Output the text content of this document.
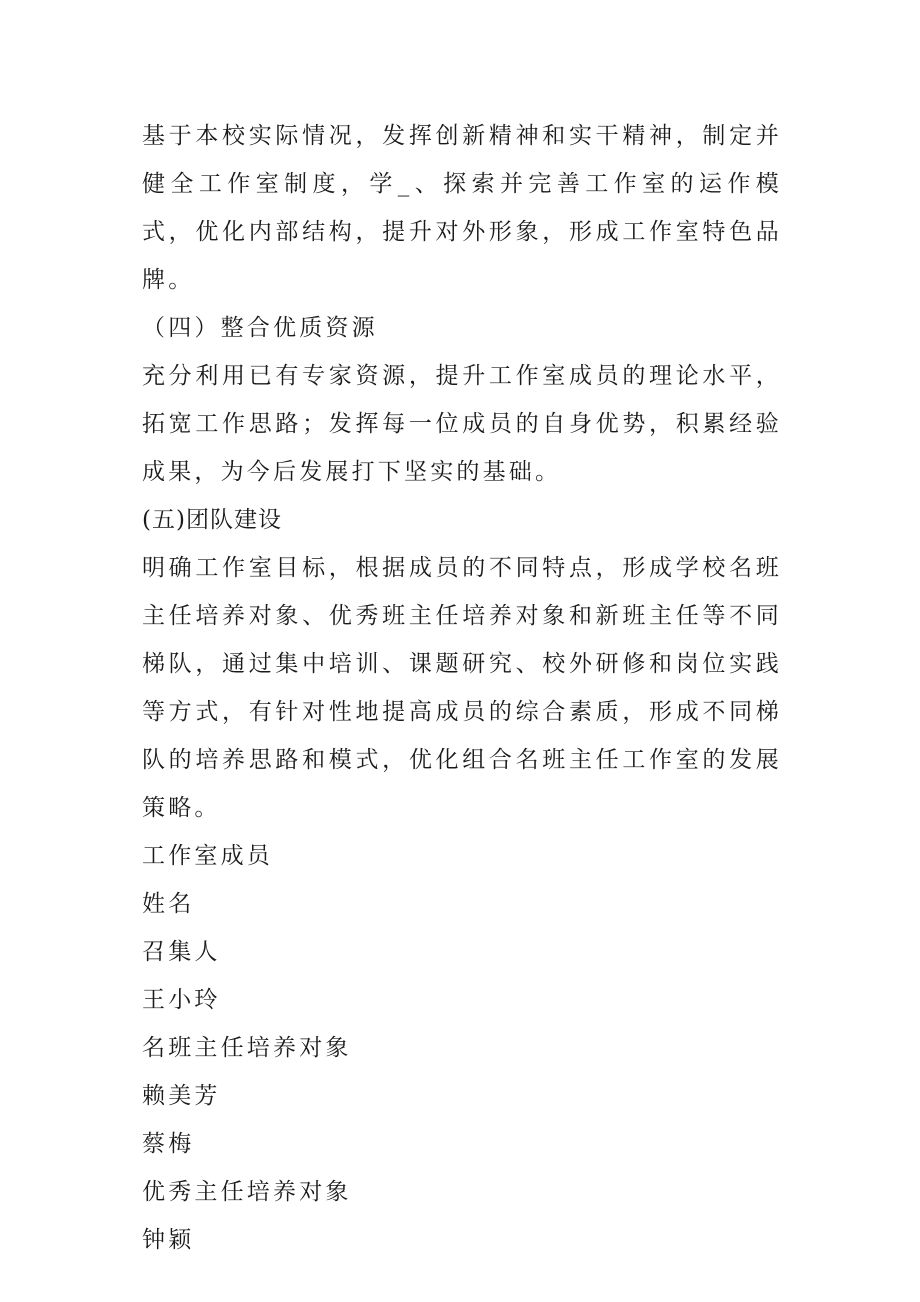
基于本校实际情况，发挥创新精神和实干精神，制定并健全工作室制度，学_、探索并完善工作室的运作模式，优化内部结构，提升对外形象，形成工作室特色品牌。

（四）整合优质资源

充分利用已有专家资源，提升工作室成员的理论水平，拓宽工作思路；发挥每一位成员的自身优势，积累经验成果，为今后发展打下坚实的基础。

(五)团队建设

明确工作室目标，根据成员的不同特点，形成学校名班主任培养对象、优秀班主任培养对象和新班主任等不同梯队，通过集中培训、课题研究、校外研修和岗位实践等方式，有针对性地提高成员的综合素质，形成不同梯队的培养思路和模式，优化组合名班主任工作室的发展策略。

工作室成员

姓名

召集人

王小玲

名班主任培养对象

赖美芳

蔡梅

优秀主任培养对象

钟颖
